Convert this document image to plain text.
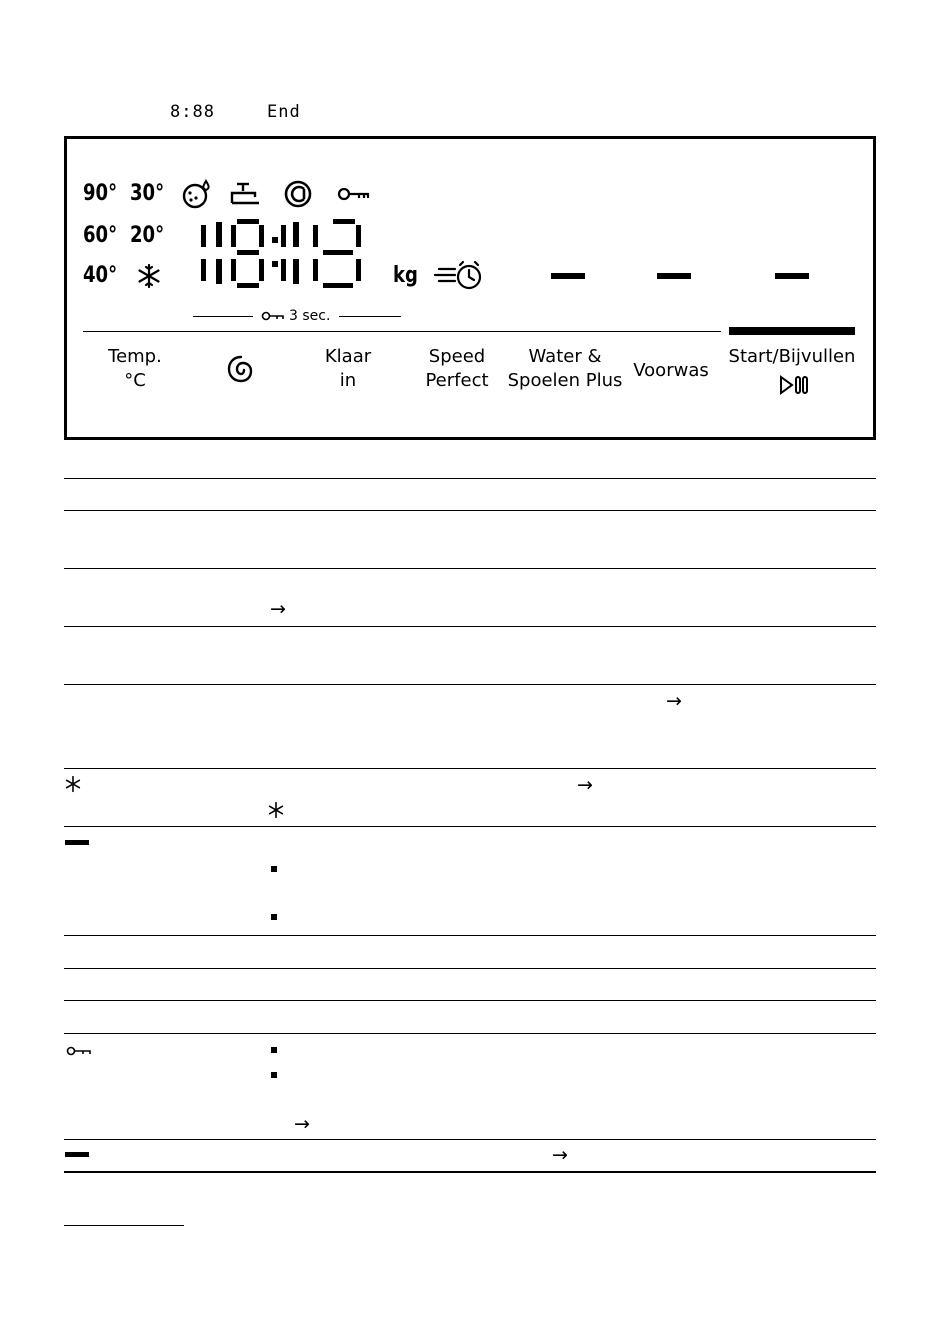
8:88	End
90° 30°
60° 20°
40°	kg
3 sec.
Temp.
°C
Klaar
in
Speed
Perfect
Water &
Spoelen Plus Voorwas
Start/Bijvullen
→
→
→
→
→
